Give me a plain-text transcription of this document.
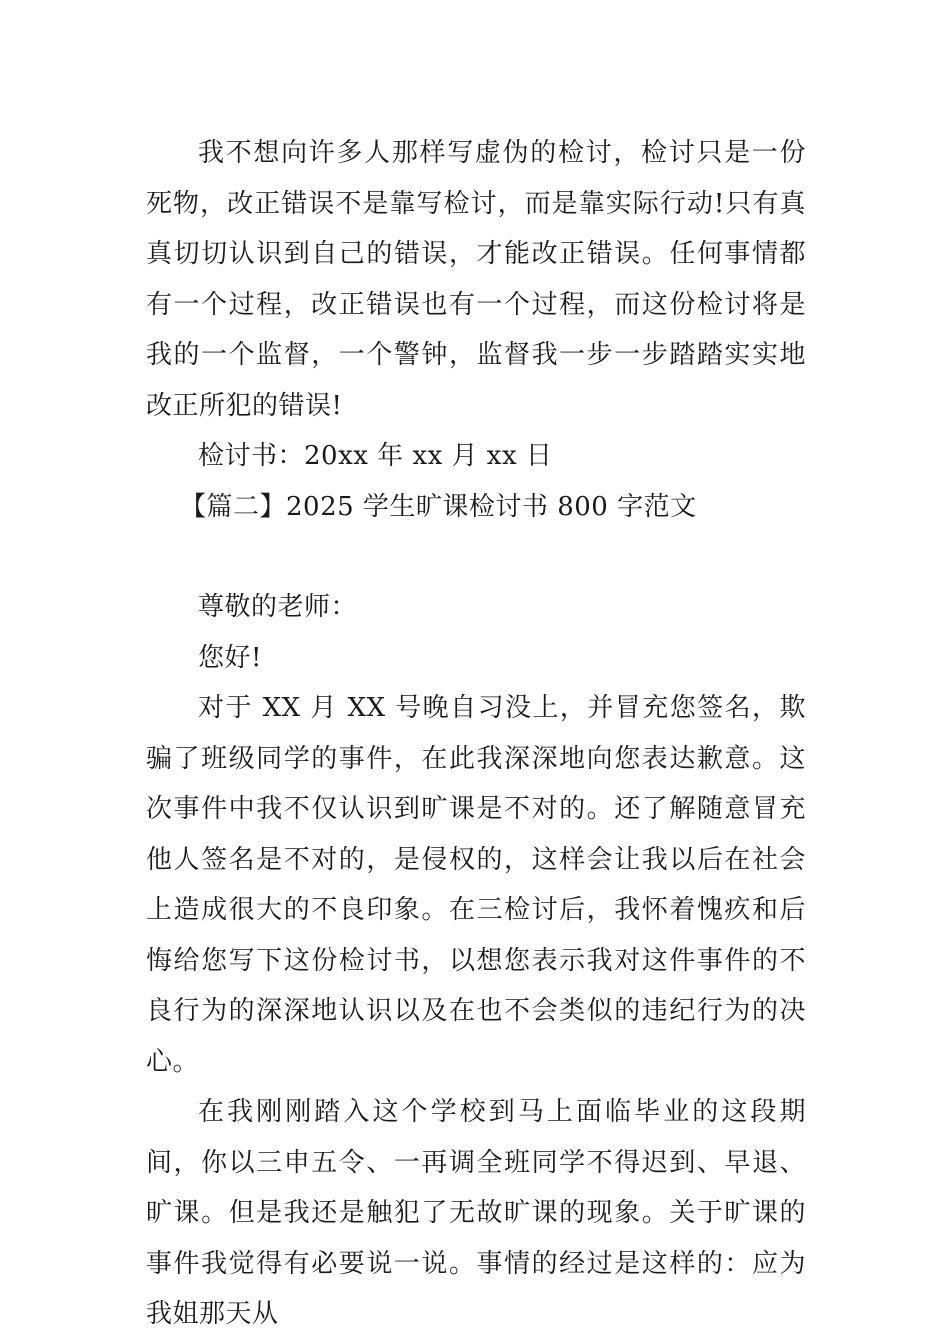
我不想向许多人那样写虚伪的检讨，检讨只是一份死物，改正错误不是靠写检讨，而是靠实际行动!只有真真切切认识到自己的错误，才能改正错误。任何事情都有一个过程，改正错误也有一个过程，而这份检讨将是我的一个监督，一个警钟，监督我一步一步踏踏实实地改正所犯的错误!

检讨书：20xx 年 xx 月 xx 日

【篇二】2025 学生旷课检讨书 800 字范文

尊敬的老师：

您好!

对于 XX 月 XX 号晚自习没上，并冒充您签名，欺骗了班级同学的事件，在此我深深地向您表达歉意。这次事件中我不仅认识到旷课是不对的。还了解随意冒充他人签名是不对的，是侵权的，这样会让我以后在社会上造成很大的不良印象。在三检讨后，我怀着愧疚和后悔给您写下这份检讨书，以想您表示我对这件事件的不良行为的深深地认识以及在也不会类似的违纪行为的决心。

在我刚刚踏入这个学校到马上面临毕业的这段期间，你以三申五令、一再调全班同学不得迟到、早退、旷课。但是我还是触犯了无故旷课的现象。关于旷课的事件我觉得有必要说一说。事情的经过是这样的：应为我姐那天从
